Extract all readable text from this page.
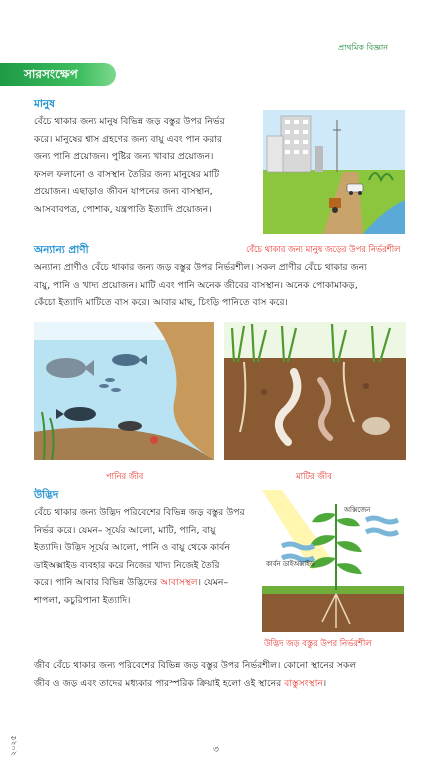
প্রাথমিক বিজ্ঞান
সারসংক্ষেপ
মানুষ
বেঁচে থাকার জন্য মানুষ বিভিন্ন জড় বস্তুর উপর নির্ভর
করে। মানুষের শ্বাস গ্রহণের জন্য বায়ু এবং পান করার
জন্য পানি প্রয়োজন। পুষ্টির জন্য খাবার প্রয়োজন।
ফসল ফলানো ও বাসস্থান তৈরির জন্য মানুষের মাটি
প্রয়োজন। এছাড়াও জীবন যাপনের জন্য বাসস্থান,
আসবাবপত্র, পোশাক, যন্ত্রপাতি ইত্যাদি প্রয়োজন।
বেঁচে থাকার জন্য মানুষ জড়ের উপর নির্ভরশীল
অন্যান্য প্রাণী
অন্যান্য প্রাণীও বেঁচে থাকার জন্য জড় বস্তুর উপর নির্ভরশীল। সকল প্রাণীর বেঁচে থাকার জন্য
বায়ু, পানি ও খাদ্য প্রয়োজন। মাটি এবং পানি অনেক জীবের বাসস্থান। অনেক পোকামাকড়,
কেঁচো ইত্যাদি মাটিতে বাস করে। আবার মাছ, চিংড়ি পানিতে বাস করে।
পানির জীব	মাটির জীব
উদ্ভিদ
বেঁচে থাকার জন্য উদ্ভিদ পরিবেশের বিভিন্ন জড় বস্তুর উপর
নির্ভর করে। যেমন– সূর্যের আলো, মাটি, পানি, বায়ু
ইত্যাদি। উদ্ভিদ সূর্যের আলো, পানি ও বায়ু থেকে কার্বন
ডাইঅক্সাইড ব্যবহার করে নিজের খাদ্য নিজেই তৈরি
করে। পানি আবার বিভিন্ন উদ্ভিদের আবাসস্থল। যেমন–
শাপলা, কচুরিপানা ইত্যাদি।
অক্সিজেন
কার্বন ডাইঅক্সাইড
উদ্ভিদ জড় বস্তুর উপর নির্ভরশীল
জীব বেঁচে থাকার জন্য পরিবেশের বিভিন্ন জড় বস্তুর উপর নির্ভরশীল। কোনো স্থানের সকল
জীব ও জড় এবং তাদের মধ্যকার পারস্পরিক ক্রিয়াই হলো ওই স্থানের বাস্তুসংস্থান।
৩
২০২৫
